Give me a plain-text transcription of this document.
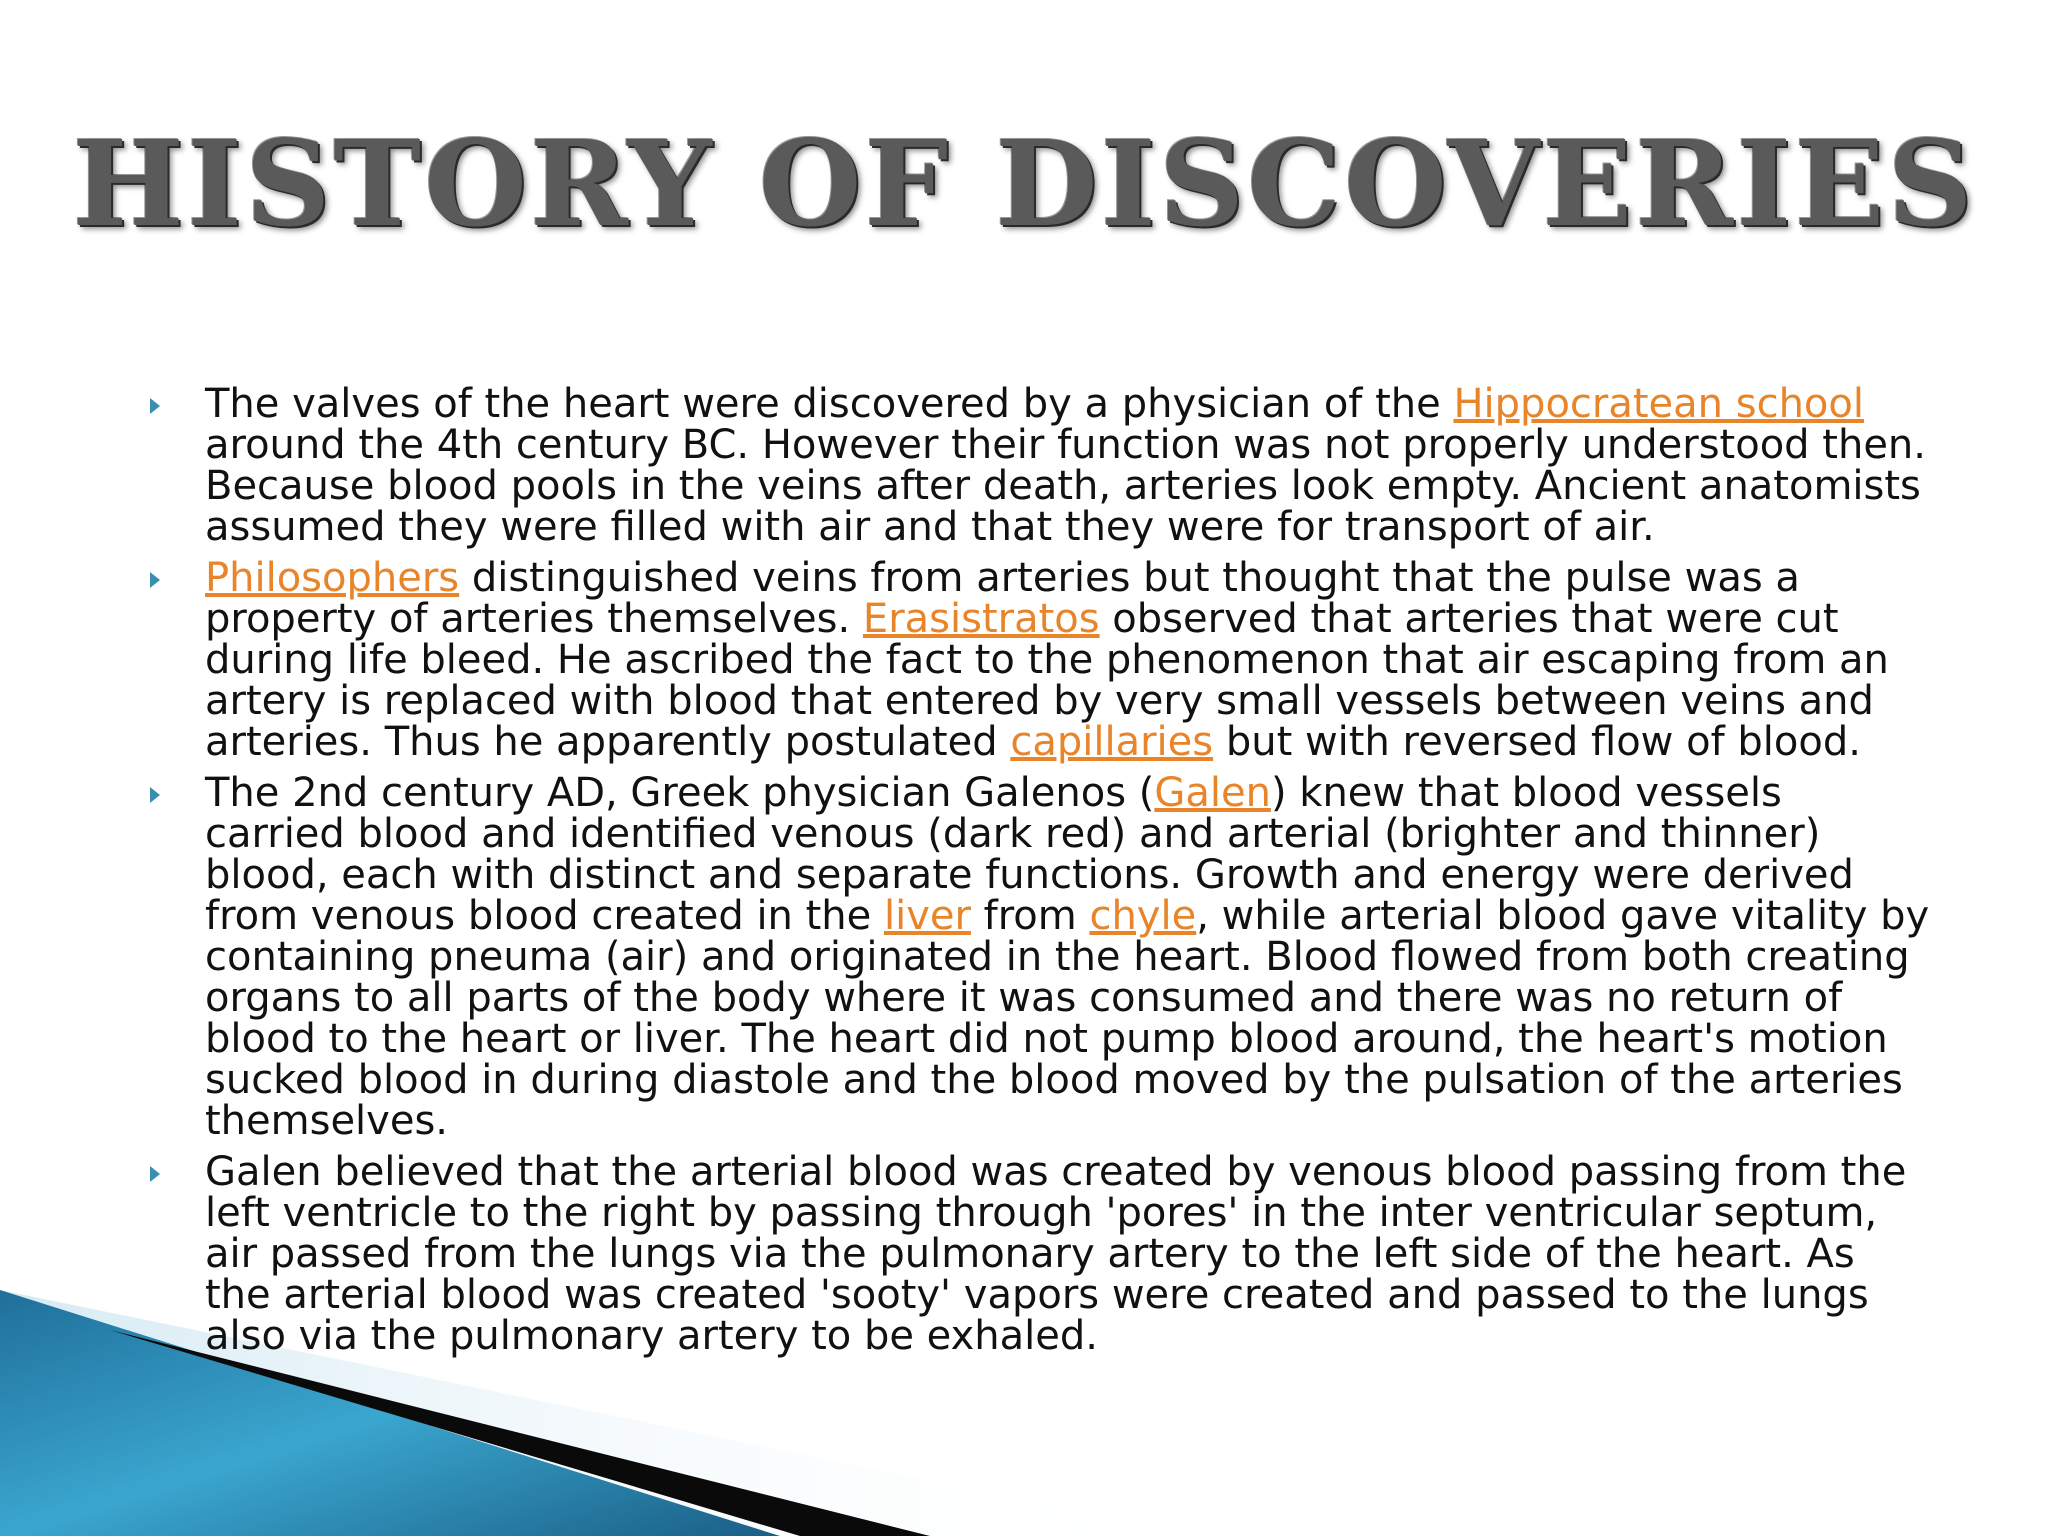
HISTORY OF DISCOVERIES
The valves of the heart were discovered by a physician of the Hippocratean school around the 4th century BC. However their function was not properly understood then. Because blood pools in the veins after death, arteries look empty. Ancient anatomists assumed they were filled with air and that they were for transport of air.
Philosophers distinguished veins from arteries but thought that the pulse was a property of arteries themselves. Erasistratos observed that arteries that were cut during life bleed. He ascribed the fact to the phenomenon that air escaping from an artery is replaced with blood that entered by very small vessels between veins and arteries. Thus he apparently postulated capillaries but with reversed flow of blood.
The 2nd century AD, Greek physician Galenos (Galen) knew that blood vessels carried blood and identified venous (dark red) and arterial (brighter and thinner) blood, each with distinct and separate functions. Growth and energy were derived from venous blood created in the liver from chyle, while arterial blood gave vitality by containing pneuma (air) and originated in the heart. Blood flowed from both creating organs to all parts of the body where it was consumed and there was no return of blood to the heart or liver. The heart did not pump blood around, the heart's motion sucked blood in during diastole and the blood moved by the pulsation of the arteries themselves.
Galen believed that the arterial blood was created by venous blood passing from the left ventricle to the right by passing through 'pores' in the inter ventricular septum, air passed from the lungs via the pulmonary artery to the left side of the heart. As the arterial blood was created 'sooty' vapors were created and passed to the lungs also via the pulmonary artery to be exhaled.
